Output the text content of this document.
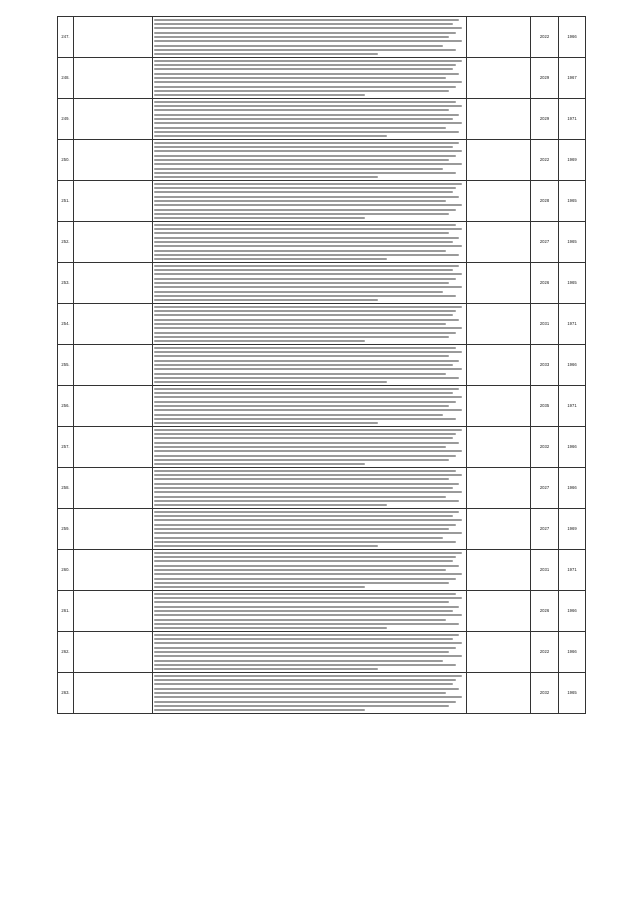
247.				2022	1966
248.				2029	1967
249.				2029	1971
250.				2022	1969
251.				2028	1965
252.				2027	1965
253.				2026	1965
254.				2031	1971
255.				2033	1966
256.				2035	1971
257.				2032	1966
258.				2027	1966
259.				2027	1969
260.				2031	1971
261.				2026	1966
262.				2022	1966
263.				2032	1965
